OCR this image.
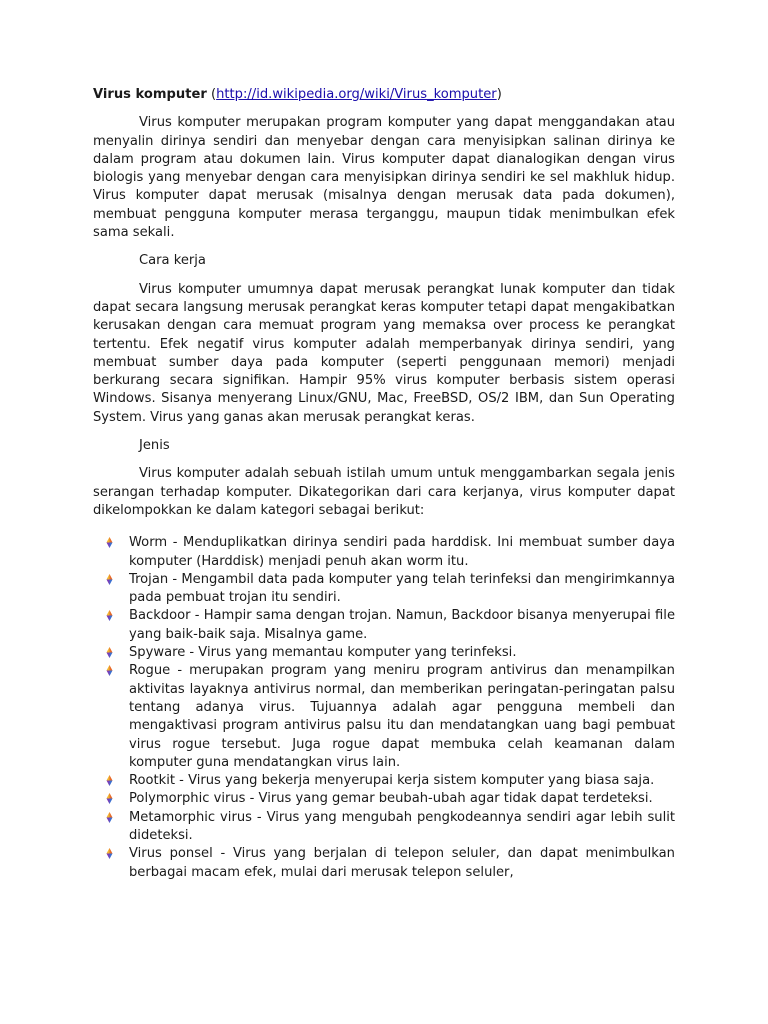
Virus komputer (http://id.wikipedia.org/wiki/Virus_komputer)

Virus komputer merupakan program komputer yang dapat menggandakan atau menyalin dirinya sendiri dan menyebar dengan cara menyisipkan salinan dirinya ke dalam program atau dokumen lain. Virus komputer dapat dianalogikan dengan virus biologis yang menyebar dengan cara menyisipkan dirinya sendiri ke sel makhluk hidup. Virus komputer dapat merusak (misalnya dengan merusak data pada dokumen), membuat pengguna komputer merasa terganggu, maupun tidak menimbulkan efek sama sekali.

Cara kerja

Virus komputer umumnya dapat merusak perangkat lunak komputer dan tidak dapat secara langsung merusak perangkat keras komputer tetapi dapat mengakibatkan kerusakan dengan cara memuat program yang memaksa over process ke perangkat tertentu. Efek negatif virus komputer adalah memperbanyak dirinya sendiri, yang membuat sumber daya pada komputer (seperti penggunaan memori) menjadi berkurang secara signifikan. Hampir 95% virus komputer berbasis sistem operasi Windows. Sisanya menyerang Linux/GNU, Mac, FreeBSD, OS/2 IBM, dan Sun Operating System. Virus yang ganas akan merusak perangkat keras.

Jenis

Virus komputer adalah sebuah istilah umum untuk menggambarkan segala jenis serangan terhadap komputer. Dikategorikan dari cara kerjanya, virus komputer dapat dikelompokkan ke dalam kategori sebagai berikut:

Worm - Menduplikatkan dirinya sendiri pada harddisk. Ini membuat sumber daya komputer (Harddisk) menjadi penuh akan worm itu.
Trojan - Mengambil data pada komputer yang telah terinfeksi dan mengirimkannya pada pembuat trojan itu sendiri.
Backdoor - Hampir sama dengan trojan. Namun, Backdoor bisanya menyerupai file yang baik-baik saja. Misalnya game.
Spyware - Virus yang memantau komputer yang terinfeksi.
Rogue - merupakan program yang meniru program antivirus dan menampilkan aktivitas layaknya antivirus normal, dan memberikan peringatan-peringatan palsu tentang adanya virus. Tujuannya adalah agar pengguna membeli dan mengaktivasi program antivirus palsu itu dan mendatangkan uang bagi pembuat virus rogue tersebut. Juga rogue dapat membuka celah keamanan dalam komputer guna mendatangkan virus lain.
Rootkit - Virus yang bekerja menyerupai kerja sistem komputer yang biasa saja.
Polymorphic virus - Virus yang gemar beubah-ubah agar tidak dapat terdeteksi.
Metamorphic virus - Virus yang mengubah pengkodeannya sendiri agar lebih sulit dideteksi.
Virus ponsel - Virus yang berjalan di telepon seluler, dan dapat menimbulkan berbagai macam efek, mulai dari merusak telepon seluler,
